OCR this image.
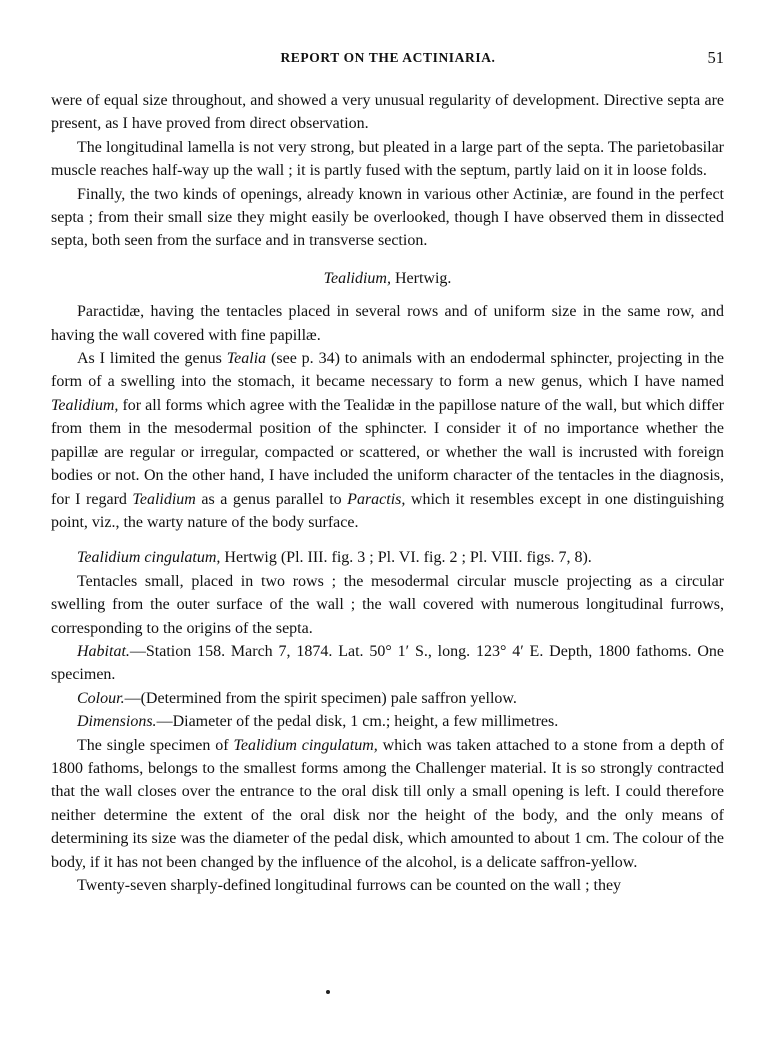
REPORT ON THE ACTINIARIA.	51
ˊ

were of equal size throughout, and showed a very unusual regularity of development. Directive septa are present, as I have proved from direct observation.

The longitudinal lamella is not very strong, but pleated in a large part of the septa. The parietobasilar muscle reaches half-way up the wall ; it is partly fused with the septum, partly laid on it in loose folds.

Finally, the two kinds of openings, already known in various other Actiniæ, are found in the perfect septa ; from their small size they might easily be overlooked, though I have observed them in dissected septa, both seen from the surface and in transverse section.

Tealidium, Hertwig.

Paractidæ, having the tentacles placed in several rows and of uniform size in the same row, and having the wall covered with fine papillæ.

As I limited the genus Tealia (see p. 34) to animals with an endodermal sphincter, projecting in the form of a swelling into the stomach, it became necessary to form a new genus, which I have named Tealidium, for all forms which agree with the Tealidæ in the papillose nature of the wall, but which differ from them in the mesodermal position of the sphincter. I consider it of no importance whether the papillæ are regular or irregular, compacted or scattered, or whether the wall is incrusted with foreign bodies or not. On the other hand, I have included the uniform character of the tentacles in the diagnosis, for I regard Tealidium as a genus parallel to Paractis, which it resembles except in one distinguishing point, viz., the warty nature of the body surface.

Tealidium cingulatum, Hertwig (Pl. III. fig. 3 ; Pl. VI. fig. 2 ; Pl. VIII. figs. 7, 8).

Tentacles small, placed in two rows ; the mesodermal circular muscle projecting as a circular swelling from the outer surface of the wall ; the wall covered with numerous longitudinal furrows, corresponding to the origins of the septa.

Habitat.—Station 158. March 7, 1874. Lat. 50° 1′ S., long. 123° 4′ E. Depth, 1800 fathoms. One specimen.

Colour.—(Determined from the spirit specimen) pale saffron yellow.

Dimensions.—Diameter of the pedal disk, 1 cm.; height, a few millimetres.

The single specimen of Tealidium cingulatum, which was taken attached to a stone from a depth of 1800 fathoms, belongs to the smallest forms among the Challenger material. It is so strongly contracted that the wall closes over the entrance to the oral disk till only a small opening is left. I could therefore neither determine the extent of the oral disk nor the height of the body, and the only means of determining its size was the diameter of the pedal disk, which amounted to about 1 cm. The colour of the body, if it has not been changed by the influence of the alcohol, is a delicate saffron-yellow.

Twenty-seven sharply-defined longitudinal furrows can be counted on the wall ; they
